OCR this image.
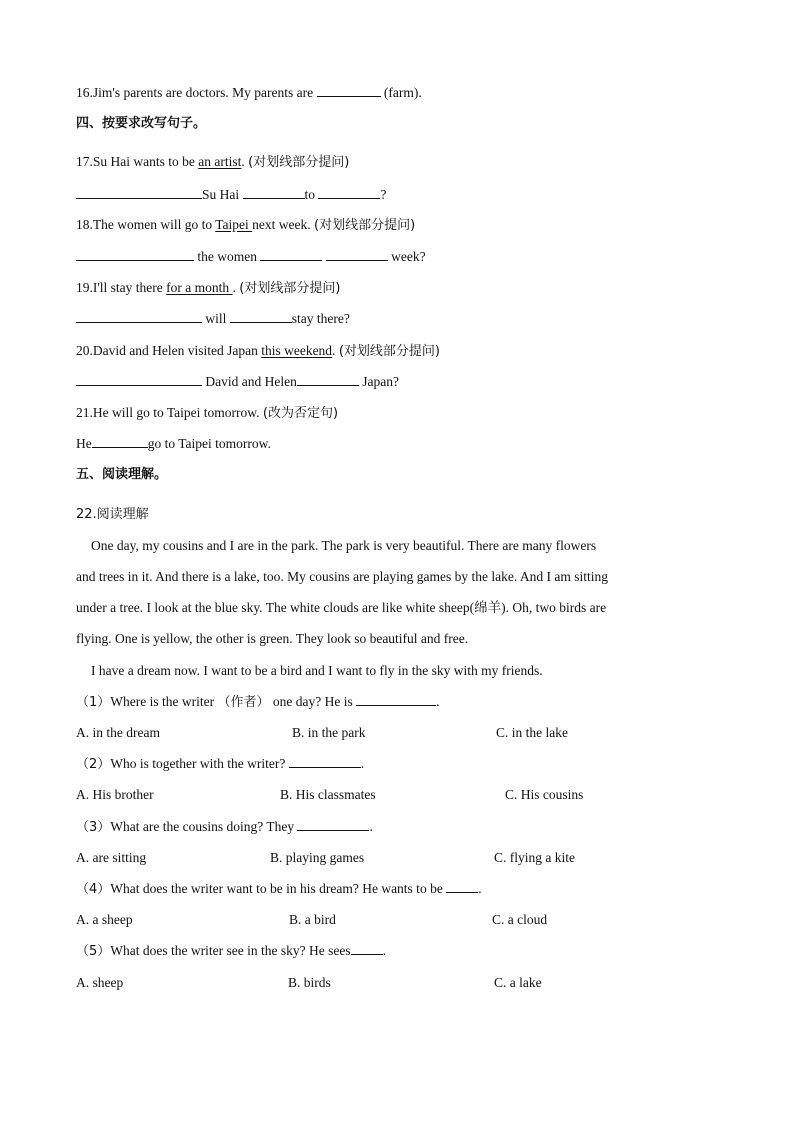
16.Jim's parents are doctors. My parents are	(farm).
四、按要求改写句子。
17.Su Hai wants to be an artist. (对划线部分提问)
Su Hai	to	?
18.The women will go to Taipei next week. (对划线部分提问)
the women	week?
19.I'll stay there for a month . (对划线部分提问)
will	stay there?
20.David and Helen visited Japan this weekend. (对划线部分提问)
David and Helen	Japan?
21.He will go to Taipei tomorrow. (改为否定句)
He	go to Taipei tomorrow.
五、阅读理解。
22.阅读理解
One day, my cousins and I are in the park. The park is very beautiful. There are many flowers
and trees in it. And there is a lake, too. My cousins are playing games by the lake. And I am sitting
under a tree. I look at the blue sky. The white clouds are like white sheep(绵羊). Oh, two birds are
flying. One is yellow, the other is green. They look so beautiful and free.
I have a dream now. I want to be a bird and I want to fly in the sky with my friends.
（1）Where is the writer （作者） one day? He is	.
A. in the dream	B. in the park	C. in the lake
（2）Who is together with the writer?	.
A. His brother	B. His classmates	C. His cousins
（3）What are the cousins doing? They	.
A. are sitting	B. playing games	C. flying a kite
（4）What does the writer want to be in his dream? He wants to be .
A. a sheep	B. a bird	C. a cloud
（5）What does the writer see in the sky? He sees .
A. sheep	B. birds	C. a lake
